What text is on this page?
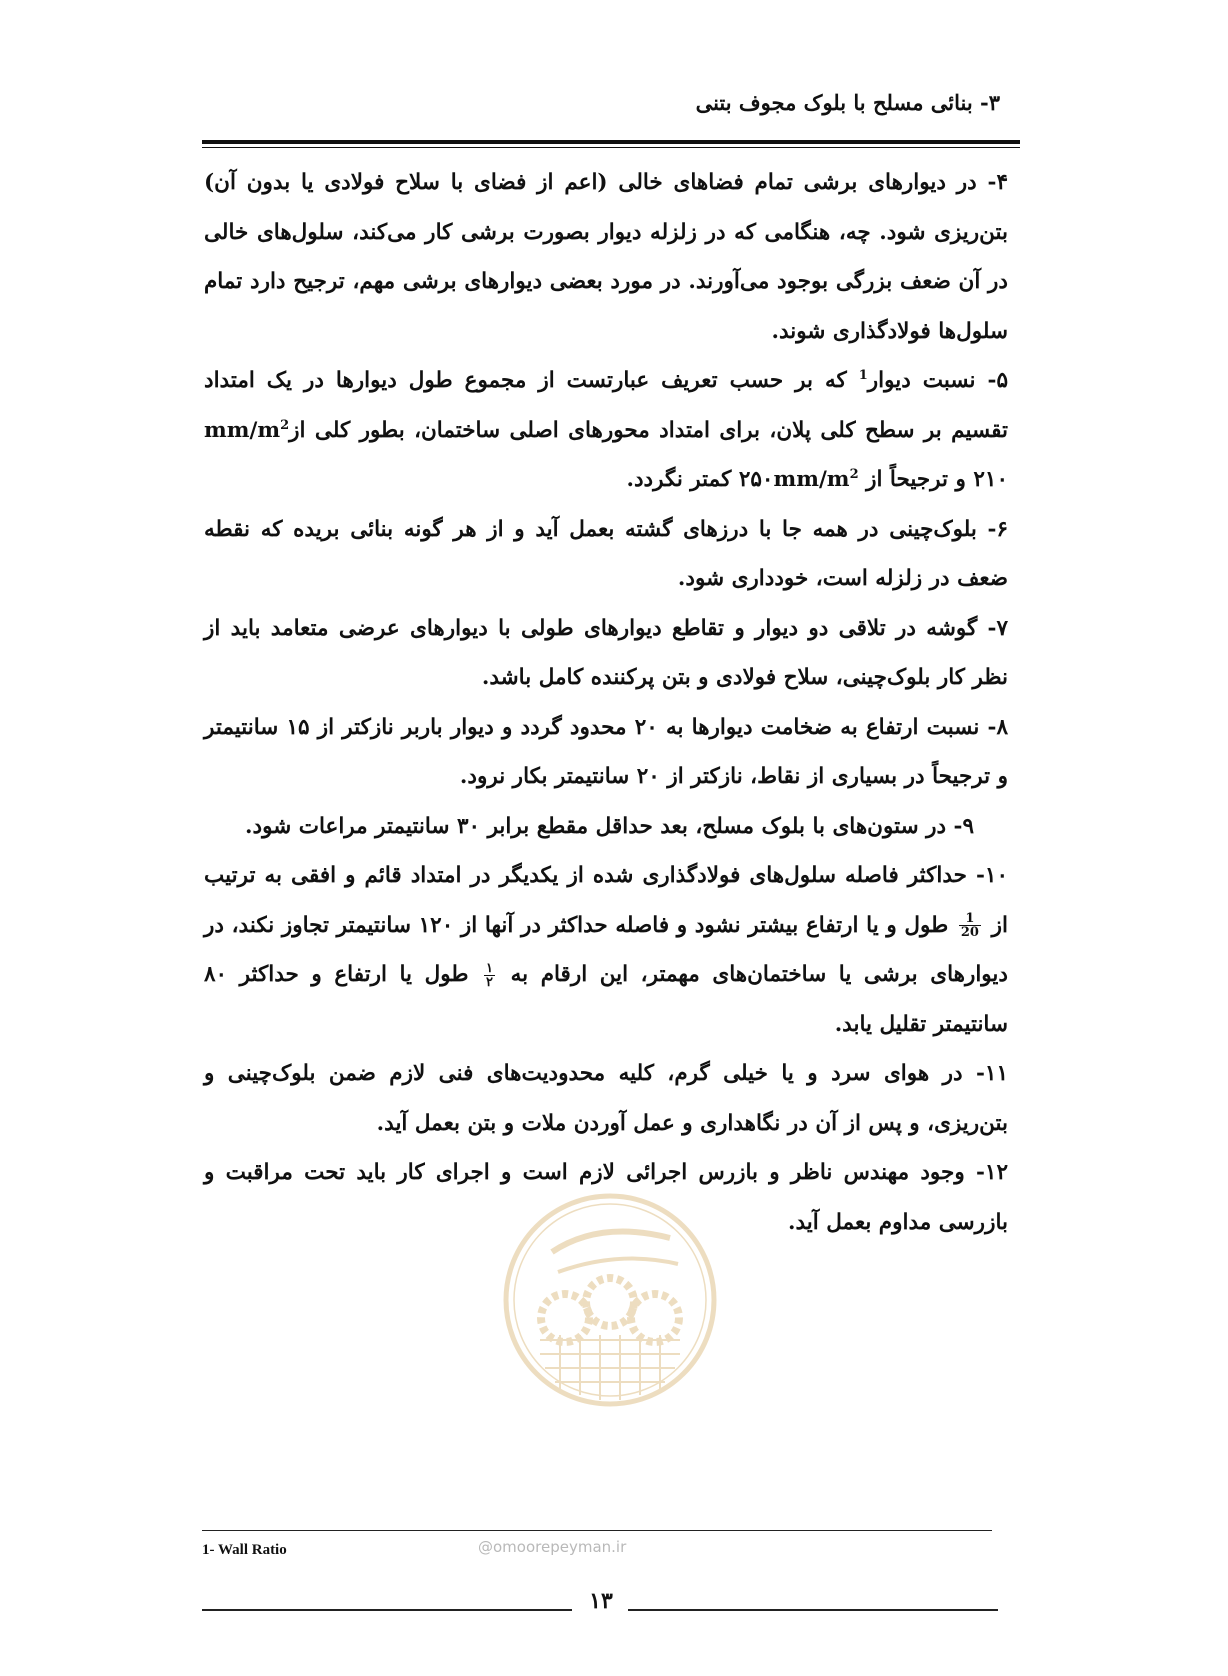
۳- بنائی مسلح با بلوک مجوف بتنی

۴- در دیوارهای برشی تمام فضاهای خالی (اعم از فضای با سلاح فولادی یا بدون آن) بتن‌ریزی شود. چه، هنگامی که در زلزله دیوار بصورت برشی کار می‌کند، سلول‌های خالی در آن ضعف بزرگی بوجود می‌آورند. در مورد بعضی دیوارهای برشی مهم، ترجیح دارد تمام سلول‌ها فولادگذاری شوند.

۵- نسبت دیوار$^1$ که بر حسب تعریف عبارتست از مجموع طول دیوارها در یک امتداد تقسیم بر سطح کلی پلان، برای امتداد محورهای اصلی ساختمان، بطور کلی ازmm/$m^2$ ۲۱۰ و ترجیحاً از $۲۵۰mm/m^2$ کمتر نگردد.

۶- بلوک‌چینی در همه جا با درزهای گشته بعمل آید و از هر گونه بنائی بریده که نقطه ضعف در زلزله است، خودداری شود.

۷- گوشه در تلاقی دو دیوار و تقاطع دیوارهای طولی با دیوارهای عرضی متعامد باید از نظر کار بلوک‌چینی، سلاح فولادی و بتن پرکننده کامل باشد.

۸- نسبت ارتفاع به ضخامت دیوارها به ۲۰ محدود گردد و دیوار باربر نازکتر از ۱۵ سانتیمتر و ترجیحاً در بسیاری از نقاط، نازکتر از ۲۰ سانتیمتر بکار نرود.

۹- در ستون‌های با بلوک مسلح، بعد حداقل مقطع برابر ۳۰ سانتیمتر مراعات شود.

۱۰- حداکثر فاصله سلول‌های فولادگذاری شده از یکدیگر در امتداد قائم و افقی به ترتیب از
$\frac{1}{20}$
طول و یا ارتفاع بیشتر نشود و فاصله حداکثر در آنها از ۱۲۰ سانتیمتر تجاوز نکند، در دیوارهای برشی یا ساختمان‌های مهمتر، این ارقام به
$\frac{۱}{۲}$
طول یا ارتفاع و حداکثر ۸۰ سانتیمتر تقلیل یابد.

۱۱- در هوای سرد و یا خیلی گرم، کلیه محدودیت‌های فنی لازم ضمن بلوک‌چینی و بتن‌ریزی، و پس از آن در نگاهداری و عمل آوردن ملات و بتن بعمل آید.

۱۲- وجود مهندس ناظر و بازرس اجرائی لازم است و اجرای کار باید تحت مراقبت و بازرسی مداوم بعمل آید.

@omoorepeyman.ir
1- Wall Ratio
۱۳
